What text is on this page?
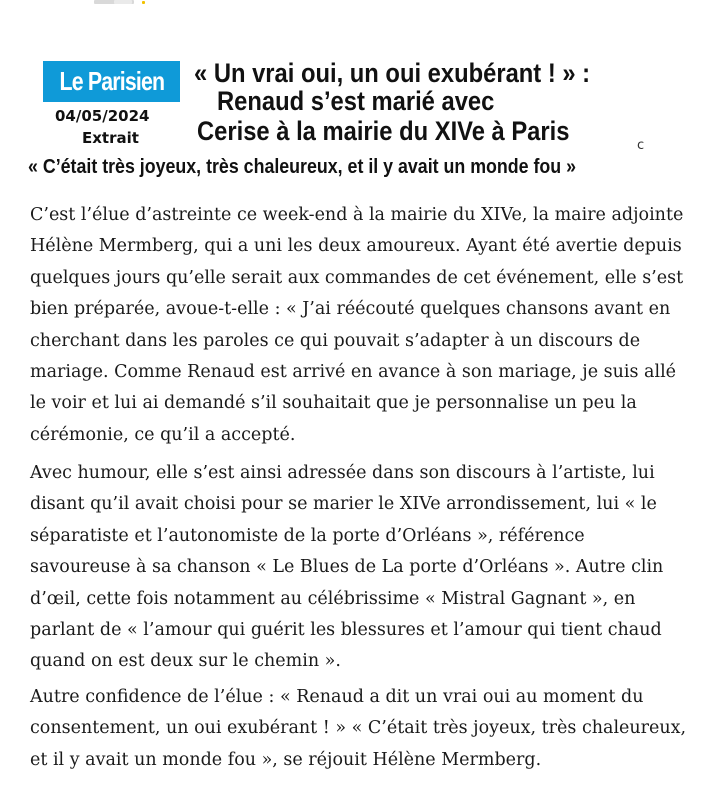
Le Parisien
04/05/2024
Extrait
« Un vrai oui, un oui exubérant ! » :
Renaud s’est marié avec
Cerise à la mairie du XIVe à Paris	c
« C’était très joyeux, très chaleureux, et il y avait un monde fou »

C’est l’élue d’astreinte ce week-end à la mairie du XIVe, la maire adjointe Hélène Mermberg, qui a uni les deux amoureux. Ayant été avertie depuis quelques jours qu’elle serait aux commandes de cet événement, elle s’est bien préparée, avoue-t-elle : « J’ai réécouté quelques chansons avant en cherchant dans les paroles ce qui pouvait s’adapter à un discours de mariage. Comme Renaud est arrivé en avance à son mariage, je suis allé le voir et lui ai demandé s’il souhaitait que je personnalise un peu la cérémonie, ce qu’il a accepté.

Avec humour, elle s’est ainsi adressée dans son discours à l’artiste, lui disant qu’il avait choisi pour se marier le XIVe arrondissement, lui « le séparatiste et l’autonomiste de la porte d’Orléans », référence savoureuse à sa chanson « Le Blues de La porte d’Orléans ». Autre clin d’œil, cette fois notamment au célébrissime « Mistral Gagnant », en parlant de « l’amour qui guérit les blessures et l’amour qui tient chaud quand on est deux sur le chemin ».

Autre confidence de l’élue : « Renaud a dit un vrai oui au moment du consentement, un oui exubérant ! » « C’était très joyeux, très chaleureux, et il y avait un monde fou », se réjouit Hélène Mermberg.
